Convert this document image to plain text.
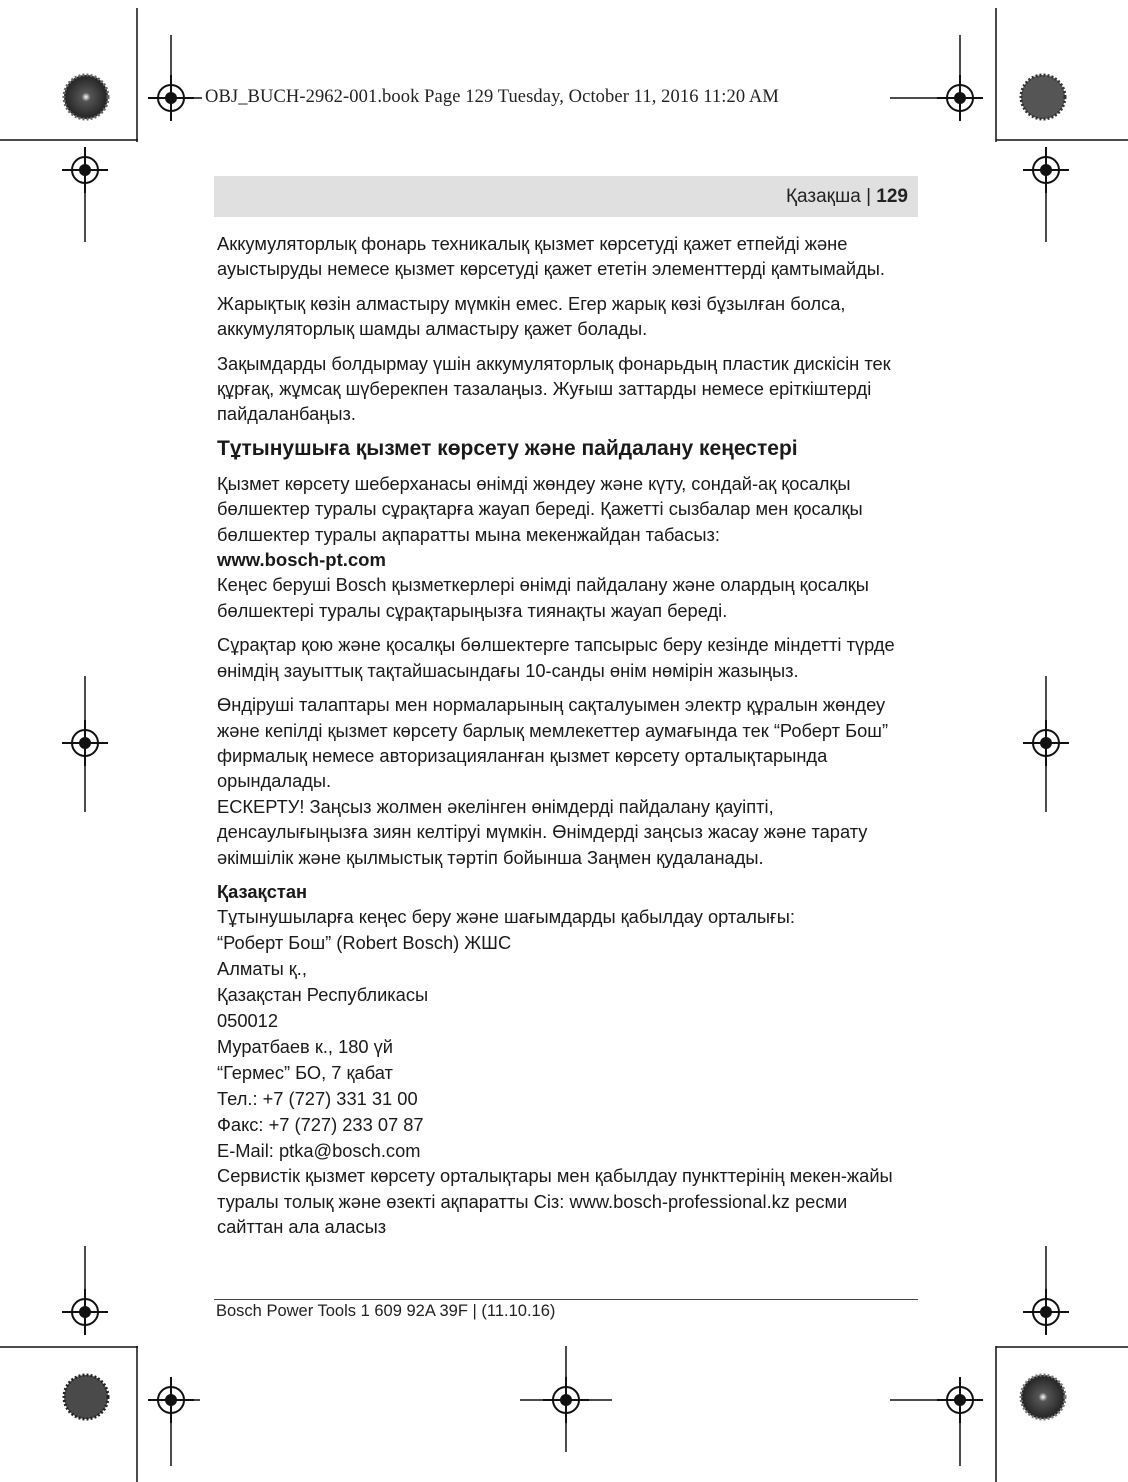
OBJ_BUCH-2962-001.book Page 129 Tuesday, October 11, 2016 11:20 AM
Қазақша | 129

Аккумуляторлық фонарь техникалық қызмет көрсетуді қажет етпейді және ауыстыруды немесе қызмет көрсетуді қажет ететін элементтерді қамтымайды.

Жарықтық көзін алмастыру мүмкін емес. Егер жарық көзі бұзылған болса, аккумуляторлық шамды алмастыру қажет болады.

Зақымдарды болдырмау үшін аккумуляторлық фонарьдың пластик дискісін тек құрғақ, жұмсақ шүберекпен тазалаңыз. Жуғыш заттарды немесе еріткіштерді пайдаланбаңыз.

Тұтынушыға қызмет көрсету және пайдалану кеңестері

Қызмет көрсету шеберханасы өнімді жөндеу және күту, сондай-ақ қосалқы бөлшектер туралы сұрақтарға жауап береді. Қажетті сызбалар мен қосалқы бөлшектер туралы ақпаратты мына мекенжайдан табасыз:

www.bosch-pt.com

Кеңес беруші Bosch қызметкерлері өнімді пайдалану және олардың қосалқы бөлшектері туралы сұрақтарыңызға тиянақты жауап береді.

Сұрақтар қою және қосалқы бөлшектерге тапсырыс беру кезінде міндетті түрде өнімдің зауыттық тақтайшасындағы 10-санды өнім нөмірін жазыңыз.

Өндіруші талаптары мен нормаларының сақталуымен электр құралын жөндеу және кепілді қызмет көрсету барлық мемлекеттер аумағында тек “Роберт Бош” фирмалық немесе авторизацияланған қызмет көрсету орталықтарында орындалады.

ЕСКЕРТУ! Заңсыз жолмен әкелінген өнімдерді пайдалану қауіпті, денсаулығыңызға зиян келтіруі мүмкін. Өнімдерді заңсыз жасау және тарату әкімшілік және қылмыстық тәртіп бойынша Заңмен қудаланады.

Қазақстан
Тұтынушыларға кеңес беру және шағымдарды қабылдау орталығы:
“Роберт Бош” (Robert Bosch) ЖШС
Алматы қ.,
Қазақстан Республикасы
050012
Муратбаев к., 180 үй
“Гермес” БО, 7 қабат
Тел.: +7 (727) 331 31 00
Факс: +7 (727) 233 07 87
E-Mail: ptka@bosch.com

Сервистік қызмет көрсету орталықтары мен қабылдау пункттерінің мекен-жайы туралы толық және өзекті ақпаратты Сіз: www.bosch-professional.kz ресми сайттан ала аласыз

Bosch Power Tools 1 609 92A 39F | (11.10.16)
